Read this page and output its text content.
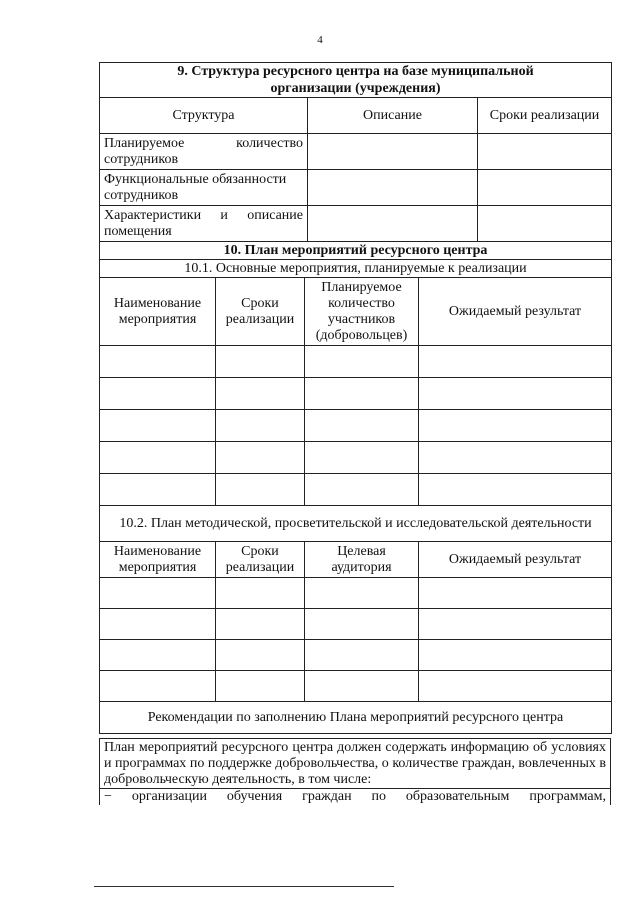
4
9. Структура ресурсного центра на базе муниципальной
организации (учреждения)		

Структура	Описание	Сроки реализации
Планируемое количество сотрудников		
Функциональные обязанности сотрудников		
Характеристики и описание помещения		
10. План мероприятий ресурсного центра			
10.1. Основные мероприятия, планируемые к реализации			
Наименование мероприятия	Сроки реализации	Планируемое количество участников (добровольцев)	Ожидаемый результат

10.2. План методической, просветительской и исследовательской деятельности			
Наименование мероприятия	Сроки реализации	Целевая аудитория	Ожидаемый результат

Рекомендации по заполнению Плана мероприятий ресурсного центра			
План мероприятий ресурсного центра должен содержать информацию об условиях и программах по поддержке добровольчества, о количестве граждан, вовлеченных в добровольческую деятельность, в том числе:
− организации обучения граждан по образовательным программам,
